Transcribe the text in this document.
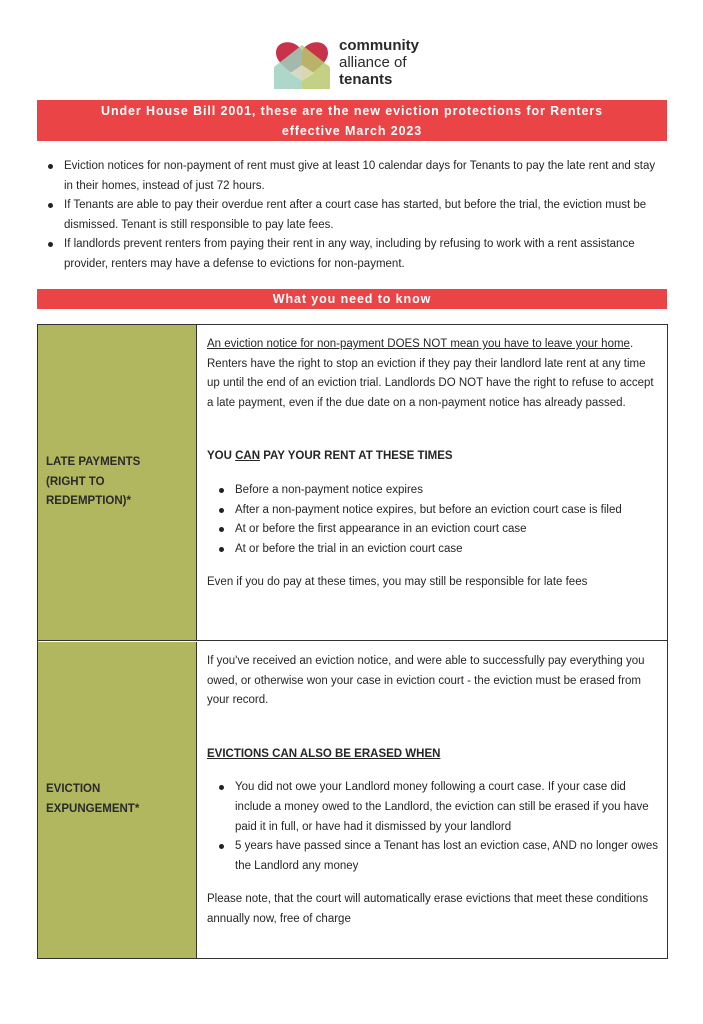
community
alliance of
tenants
Under House Bill 2001, these are the new eviction protections for Renters
effective March 2023
Eviction notices for non-payment of rent must give at least 10 calendar days for Tenants to pay the late rent and stay in their homes, instead of just 72 hours.
If Tenants are able to pay their overdue rent after a court case has started, but before the trial, the eviction must be dismissed. Tenant is still responsible to pay late fees.
If landlords prevent renters from paying their rent in any way, including by refusing to work with a rent assistance provider, renters may have a defense to evictions for non-payment.
What you need to know
LATE PAYMENTS
(RIGHT TO
REDEMPTION)*

An eviction notice for non-payment DOES NOT mean you have to leave your home. Renters have the right to stop an eviction if they pay their landlord late rent at any time up until the end of an eviction trial. Landlords DO NOT have the right to refuse to accept a late payment, even if the due date on a non-payment notice has already passed.

YOU CAN PAY YOUR RENT AT THESE TIMES

Before a non-payment notice expires
After a non-payment notice expires, but before an eviction court case is filed
At or before the first appearance in an eviction court case
At or before the trial in an eviction court case

Even if you do pay at these times, you may still be responsible for late fees

EVICTION
EXPUNGEMENT*

If you've received an eviction notice, and were able to successfully pay everything you owed, or otherwise won your case in eviction court - the eviction must be erased from your record.

EVICTIONS CAN ALSO BE ERASED WHEN

You did not owe your Landlord money following a court case. If your case did include a money owed to the Landlord, the eviction can still be erased if you have paid it in full, or have had it dismissed by your landlord
5 years have passed since a Tenant has lost an eviction case, AND no longer owes the Landlord any money

Please note, that the court will automatically erase evictions that meet these conditions annually now, free of charge
